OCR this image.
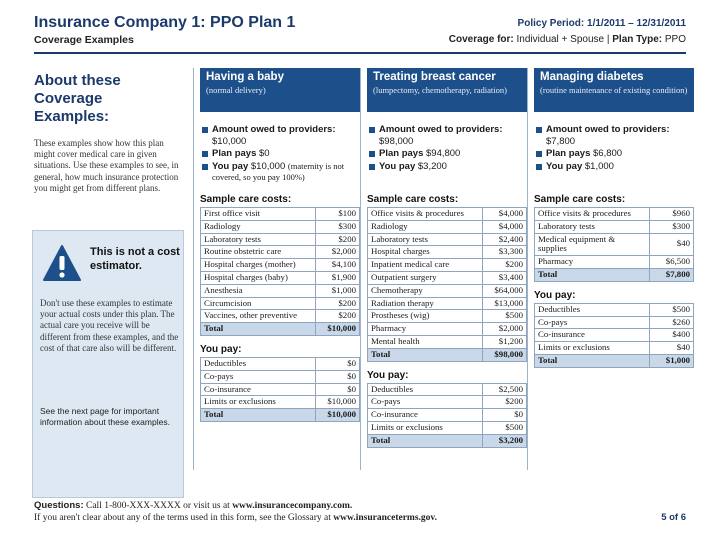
Insurance Company 1: PPO Plan 1
Coverage Examples
Policy Period: 1/1/2011 – 12/31/2011
Coverage for: Individual + Spouse | Plan Type: PPO
About these Coverage Examples:
These examples show how this plan might cover medical care in given situations. Use these examples to see, in general, how much insurance protection you might get from different plans.
This is not a cost estimator.
Don't use these examples to estimate your actual costs under this plan. The actual care you receive will be different from these examples, and the cost of that care also will be different.
See the next page for important information about these examples.
Having a baby
(normal delivery)
Amount owed to providers:
$10,000
Plan pays $0
You pay $10,000 (maternity is not covered, so you pay 100%)
Sample care costs:
First office visit	$100
Radiology	$300
Laboratory tests	$200
Routine obstetric care	$2,000
Hospital charges (mother)	$4,100
Hospital charges (baby)	$1,900
Anesthesia	$1,000
Circumcision	$200
Vaccines, other preventive	$200
Total	$10,000
You pay:
Deductibles	$0
Co-pays	$0
Co-insurance	$0
Limits or exclusions	$10,000
Total	$10,000
Treating breast cancer
(lumpectomy, chemotherapy, radiation)
Amount owed to providers:
$98,000
Plan pays $94,800
You pay $3,200
Sample care costs:
Office visits & procedures	$4,000
Radiology	$4,000
Laboratory tests	$2,400
Hospital charges	$3,300
Inpatient medical care	$200
Outpatient surgery	$3,400
Chemotherapy	$64,000
Radiation therapy	$13,000
Prostheses (wig)	$500
Pharmacy	$2,000
Mental health	$1,200
Total	$98,000
You pay:
Deductibles	$2,500
Co-pays	$200
Co-insurance	$0
Limits or exclusions	$500
Total	$3,200
Managing diabetes
(routine maintenance of existing condition)
Amount owed to providers:
$7,800
Plan pays $6,800
You pay $1,000
Sample care costs:
Office visits & procedures	$960
Laboratory tests	$300
Medical equipment & supplies	$40
Pharmacy	$6,500
Total	$7,800
You pay:
Deductibles	$500
Co-pays	$260
Co-insurance	$400
Limits or exclusions	$40
Total	$1,000
Questions: Call 1-800-XXX-XXXX or visit us at www.insurancecompany.com.
If you aren't clear about any of the terms used in this form, see the Glossary at www.insuranceterms.gov.	5 of 6
